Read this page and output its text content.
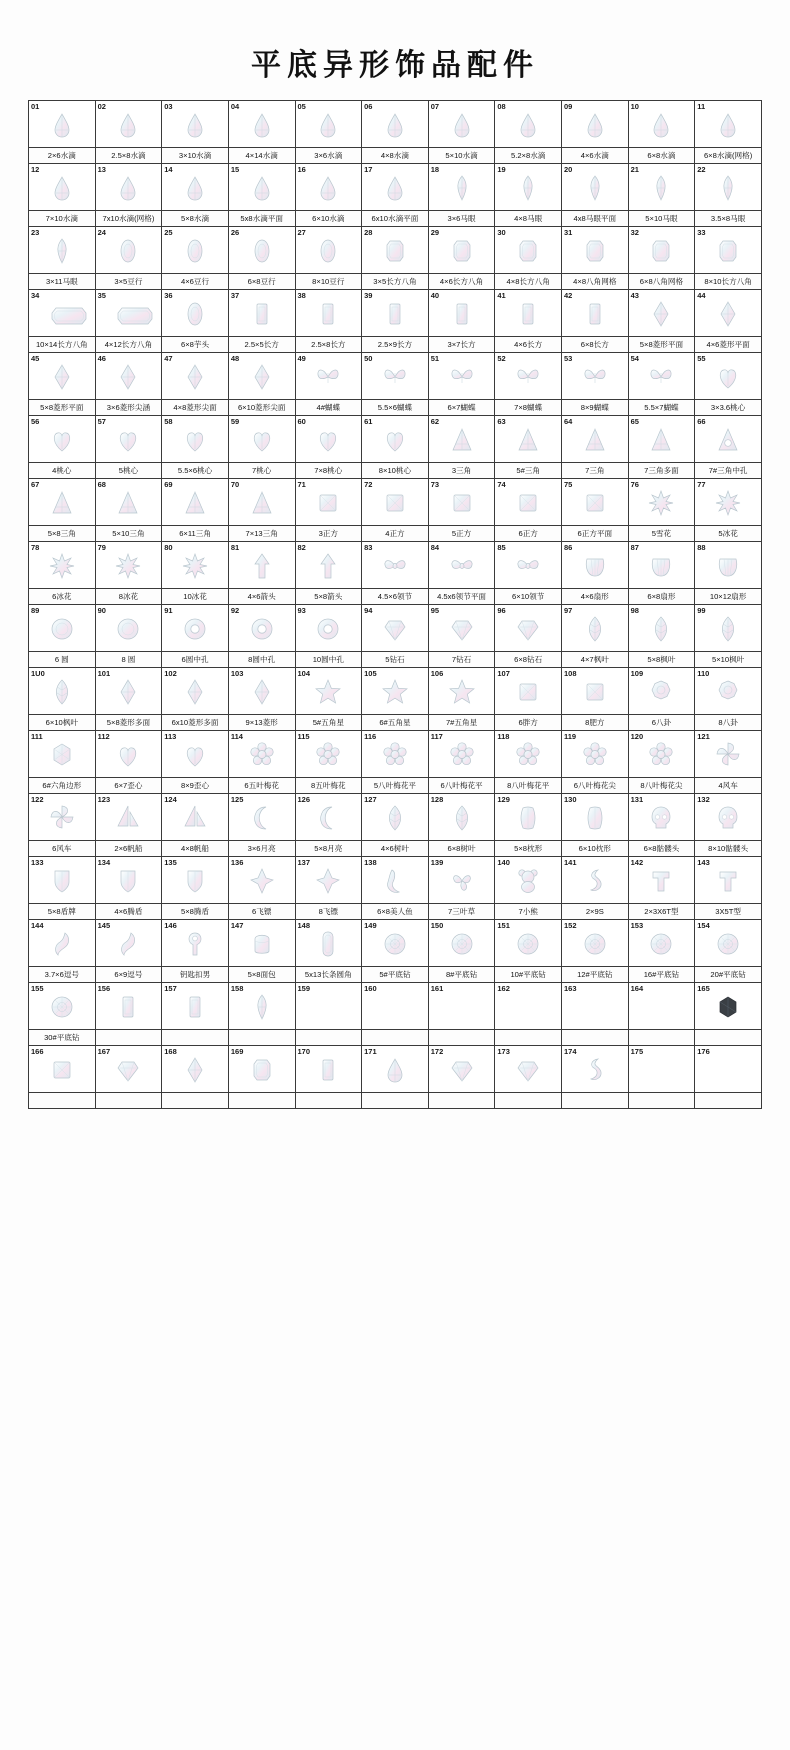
平底异形饰品配件
01	02	03	04	05	06	07	08	09	10	11

2×6水滴	2.5×8水滴	3×10水滴	4×14水滴	3×6水滴	4×8水滴	5×10水滴	5.2×8水滴	4×6水滴	6×8水滴	6×8水滴(网格)

12	13	14	15	16	17	18	19	20	21	22

7×10水滴	7x10水滴(网格)	5×8水滴	5x8水滴平面	6×10水滴	6x10水滴平面	3×6马眼	4×8马眼	4x8马眼平面	5×10马眼	3.5×8马眼

23	24	25	26	27	28	29	30	31	32	33

3×11马眼	3×5豆行	4×6豆行	6×8豆行	8×10豆行	3×5长方八角	4×6长方八角	4×8长方八角	4×8八角网格	6×8八角网格	8×10长方八角

34	35	36	37	38	39	40	41	42	43	44

10×14长方八角	4×12长方八角	6×8芋头	2.5×5长方	2.5×8长方	2.5×9长方	3×7长方	4×6长方	6×8长方	5×8菱形平面	4×6菱形平面

45	46	47	48	49	50	51	52	53	54	55

5×8菱形平面	3×6菱形尖涵	4×8菱形尖面	6×10菱形尖面	4#蝴蝶	5.5×6蝴蝶	6×7蝴蝶	7×8蝴蝶	8×9蝴蝶	5.5×7蝴蝶	3×3.6桃心

56	57	58	59	60	61	62	63	64	65	66

4桃心	5桃心	5.5×6桃心	7桃心	7×8桃心	8×10桃心	3三角	5#三角	7三角	7三角多面	7#三角中孔

67	68	69	70	71	72	73	74	75	76	77

5×8三角	5×10三角	6×11三角	7×13三角	3正方	4正方	5正方	6正方	6正方平面	5雪花	5冰花

78	79	80	81	82	83	84	85	86	87	88

6冰花	8冰花	10冰花	4×6箭头	5×8箭头	4.5×6领节	4.5x6领节平面	6×10领节	4×6扇形	6×8扇形	10×12扇形

89	90	91	92	93	94	95	96	97	98	99

6 圆	8 圆	6圆中孔	8圆中孔	10圆中孔	5钻石	7钻石	6×8钻石	4×7枫叶	5×8枫叶	5×10枫叶

1U0	101	102	103	104	105	106	107	108	109	110

6×10枫叶	5×8菱形多面	6x10菱形多面	9×13菱形	5#五角星	6#五角星	7#五角星	6胖方	8肥方	6八卦	8八卦

111	112	113	114	115	116	117	118	119	120	121

6#六角边形	6×7歪心	8×9歪心	6五叶梅花	8五叶梅花	5八叶梅花平	6八叶梅花平	8八叶梅花平	6八叶梅花尖	8八叶梅花尖	4风车

122	123	124	125	126	127	128	129	130	131	132

6风车	2×6帆船	4×8帆船	3×6月亮	5×8月亮	4×6树叶	6×8树叶	5×8枕形	6×10枕形	6×8骷髅头	8×10骷髅头

133	134	135	136	137	138	139	140	141	142	143

5×8盾牌	4×6腾盾	5×8腾盾	6飞镖	8飞镖	6×8美人鱼	7三叶草	7小熊	2×9S	2×3X6T型	3X5T型

144	145	146	147	148	149	150	151	152	153	154

3.7×6逗号	6×9逗号	钥匙扣男	5×8面包	5x13长条圆角	5#平底钻	8#平底钻	10#平底钻	12#平底钻	16#平底钻	20#平底钻

155	156	157	158	159	160	161	162	163	164	165

30#平底钻										

166	167	168	169	170	171	172	173	174	175	176
